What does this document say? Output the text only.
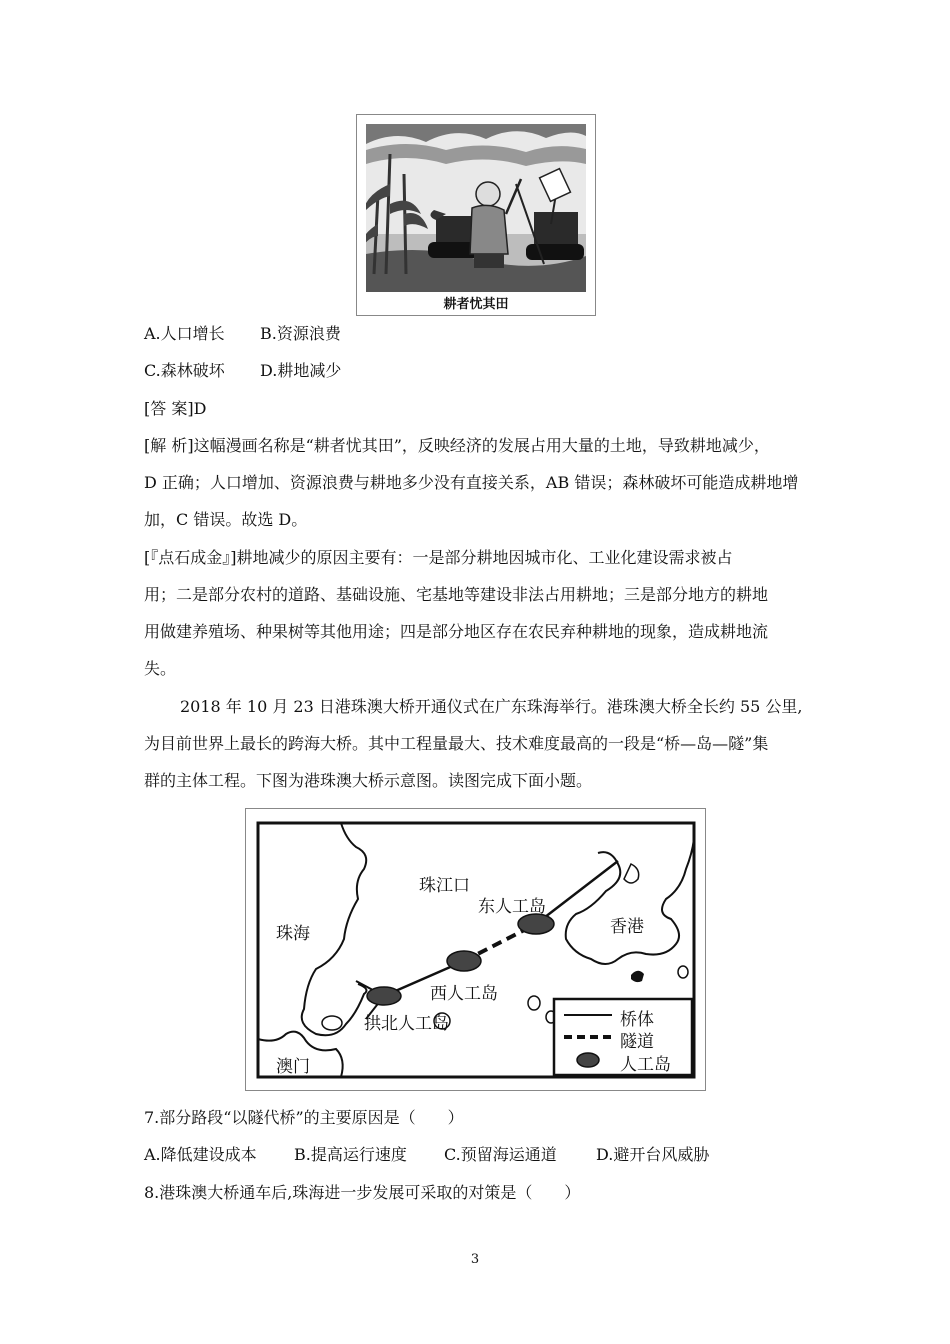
耕者忧其田
A.人口增长 B.资源浪费
C.森林破坏 D.耕地减少
[答 案]D
[解 析]这幅漫画名称是“耕者忧其田”，反映经济的发展占用大量的土地，导致耕地减少，
D 正确；人口增加、资源浪费与耕地多少没有直接关系，AB 错误；森林破坏可能造成耕地增
加，C 错误。故选 D。
[『点石成金』]耕地减少的原因主要有：一是部分耕地因城市化、工业化建设需求被占
用；二是部分农村的道路、基础设施、宅基地等建设非法占用耕地；三是部分地方的耕地
用做建养殖场、种果树等其他用途；四是部分地区存在农民弃种耕地的现象，造成耕地流
失。
2018 年 10 月 23 日港珠澳大桥开通仪式在广东珠海举行。港珠澳大桥全长约 55 公里,
为目前世界上最长的跨海大桥。其中工程量最大、技术难度最高的一段是“桥—岛—隧”集
群的主体工程。下图为港珠澳大桥示意图。读图完成下面小题。
珠江口
东人工岛
香港
珠海
西人工岛
拱北人工岛
澳门
桥体
隧道
人工岛
7.部分路段“以隧代桥”的主要原因是（　　）
A.降低建设成本 B.提高运行速度 C.预留海运通道 D.避开台风威胁
8.港珠澳大桥通车后,珠海进一步发展可采取的对策是（　　）
3
